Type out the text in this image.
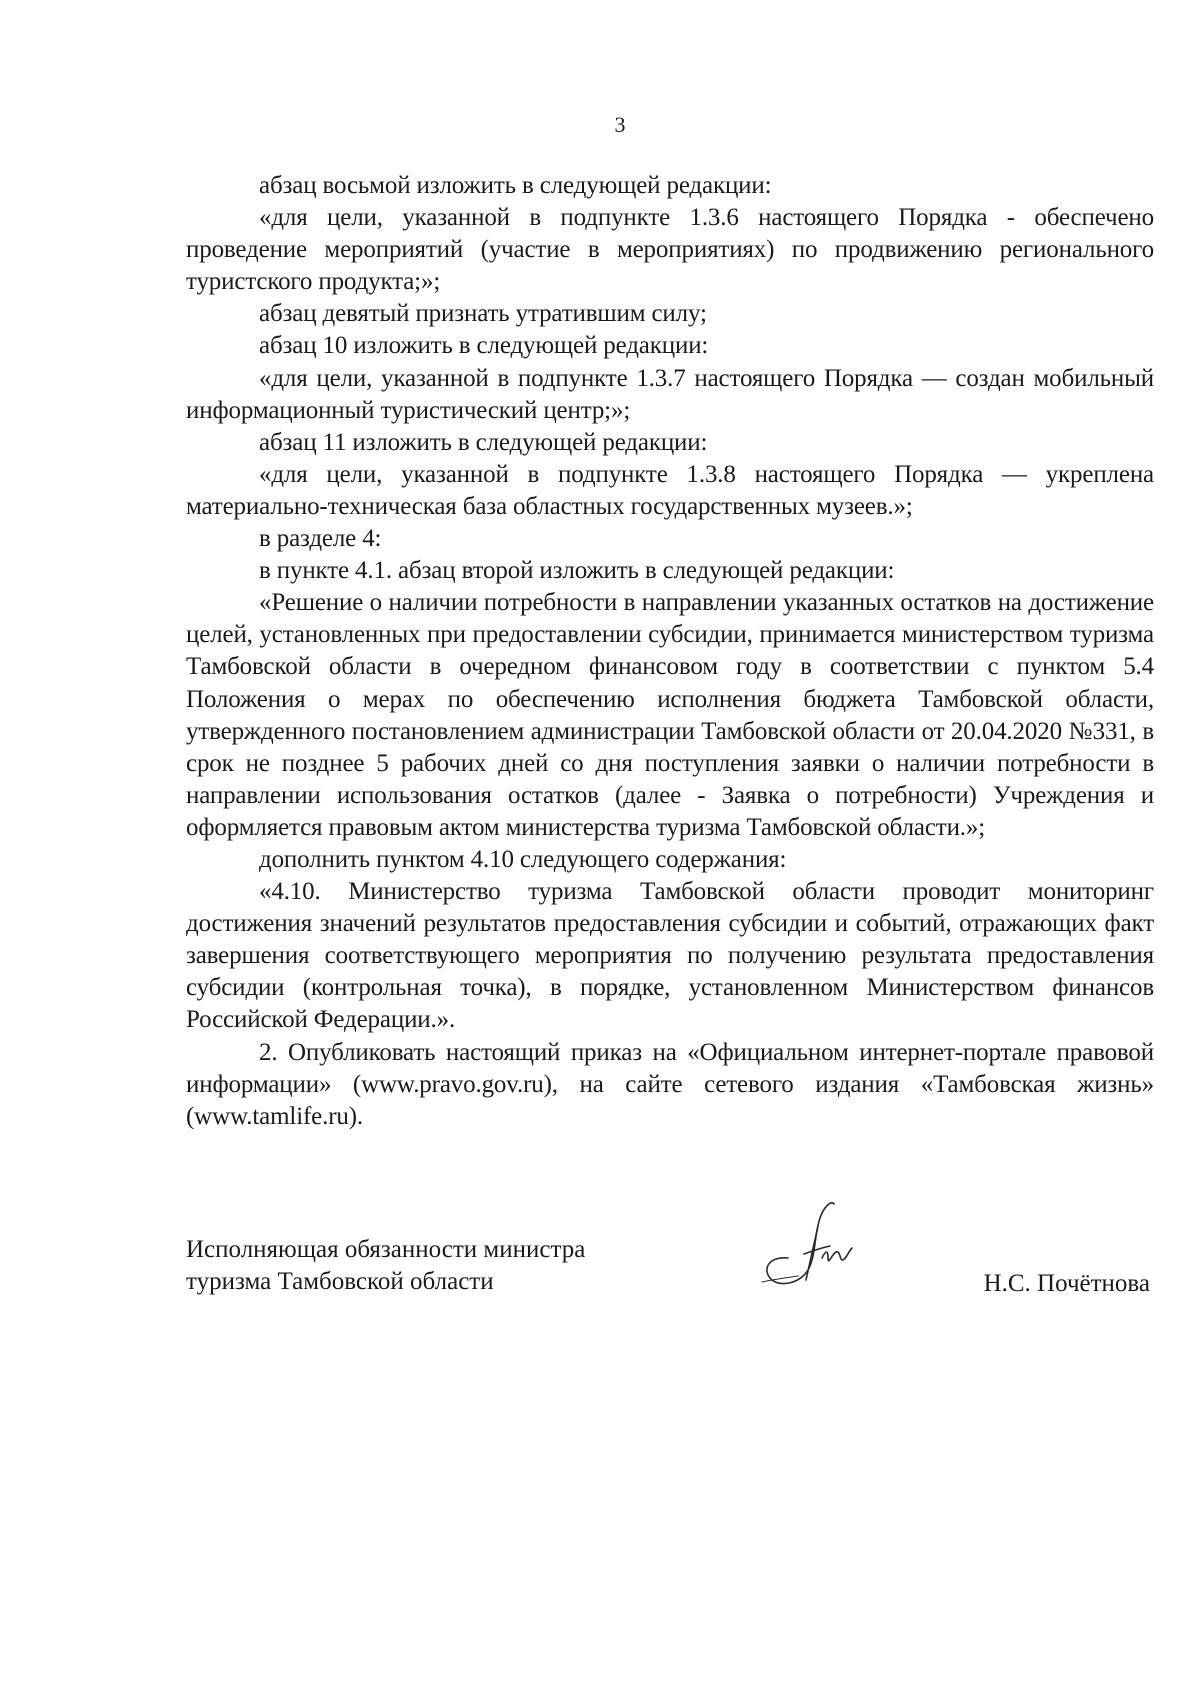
3

абзац восьмой изложить в следующей редакции:

«для цели, указанной в подпункте 1.3.6 настоящего Порядка - обеспечено проведение мероприятий (участие в мероприятиях) по продвижению регионального туристского продукта;»;

абзац девятый признать утратившим силу;

абзац 10 изложить в следующей редакции:

«для цели, указанной в подпункте 1.3.7 настоящего Порядка — создан мобильный информационный туристический центр;»;

абзац 11 изложить в следующей редакции:

«для цели, указанной в подпункте 1.3.8 настоящего Порядка — укреплена материально-техническая база областных государственных музеев.»;

в разделе 4:

в пункте 4.1. абзац второй изложить в следующей редакции:

«Решение о наличии потребности в направлении указанных остатков на достижение целей, установленных при предоставлении субсидии, принимается министерством туризма Тамбовской области в очередном финансовом году в соответствии с пунктом 5.4 Положения о мерах по обеспечению исполнения бюджета Тамбовской области, утвержденного постановлением администрации Тамбовской области от 20.04.2020 №331, в срок не позднее 5 рабочих дней со дня поступления заявки о наличии потребности в направлении использования остатков (далее - Заявка о потребности) Учреждения и оформляется правовым актом министерства туризма Тамбовской области.»;

дополнить пунктом 4.10 следующего содержания:

«4.10. Министерство туризма Тамбовской области проводит мониторинг достижения значений результатов предоставления субсидии и событий, отражающих факт завершения соответствующего мероприятия по получению результата предоставления субсидии (контрольная точка), в порядке, установленном Министерством финансов Российской Федерации.».

2. Опубликовать настоящий приказ на «Официальном интернет-портале правовой информации» (www.pravo.gov.ru), на сайте сетевого издания «Тамбовская жизнь» (www.tamlife.ru).

Исполняющая обязанности министра
туризма Тамбовской области	Н.С. Почётнова
